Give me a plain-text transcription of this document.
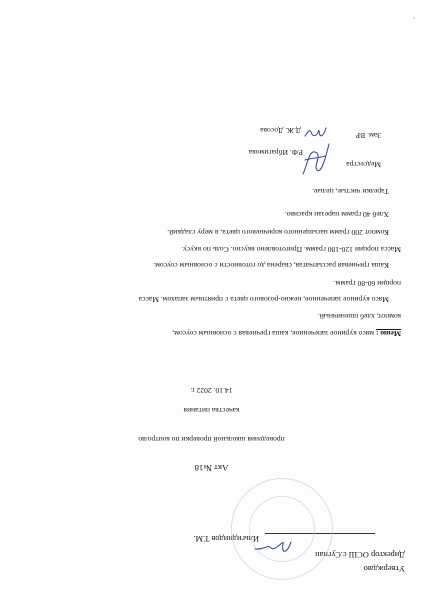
Утверждаю
Директор ОСШ с.Сугпан
Ильгиднидов Т.М.
Акт №18
проведения школьной проверки по контролю
качества питания
14.10. 2022 г.
Меню : мясо куриное запеченное, каша гречневая с основным соусом,
компот, хлеб пшеничный.
Мясо куриное запеченное, нежно-розового цвета с приятным запахом. Масса
порции 60-80 грамм.
Каша гречневая рассыпчатая, сварена до готовности с основным соусом.
Масса порции 120-180 грамм. Приготовлено вкусно. Соль по вкусу.
Компот 200 грамм насыщенного коричневого цвета, в меру сладкий.
Хлеб 40 грамм нарезан красиво.
Тарелки чистые, целые.
Медсестра
Р.Ф. Ибрагимова
Зам. ВР
Д.Ж. Досова
◦
